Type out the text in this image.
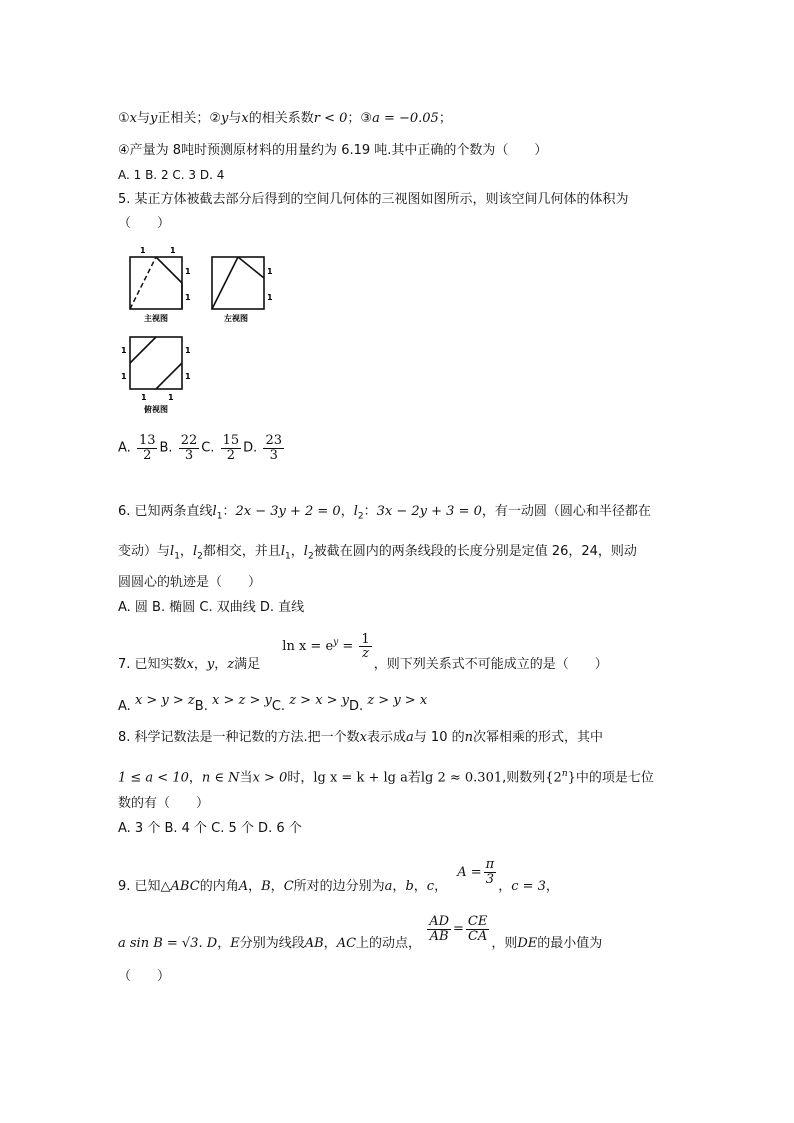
①x与y正相关；②y与x的相关系数r < 0；③a = −0.05；
④产量为 8吨时预测原材料的用量约为 6.19 吨.其中正确的个数为（　　）
A. 1 B. 2 C. 3 D. 4
5. 某正方体被截去部分后得到的空间几何体的三视图如图所示，则该空间几何体的体积为
（　　）
1	1
1
1
主视图
1
1
左视图
1
1
1
1
1	1
俯视图
A. $\frac{13}{2} B$. $\frac{22}{3} C$. $\frac{15}{2} D$. $\frac{23}{3}$
6. 已知两条直线$l_1$：2x − 3y + 2 = 0，$l_2$：3x − 2y + 3 = 0，有一动圆（圆心和半径都在
变动）与$l_1$，$l_2$都相交，并且$l_1$，$l_2$被截在圆内的两条线段的长度分别是定值 26，24，则动
圆圆心的轨迹是（　　）
A. 圆 B. 椭圆 C. 双曲线 D. 直线
7. 已知实数x，y，z满足 $\ln x = e^y = \frac{1}{z}$
，则下列关系式不可能成立的是（　　）
A. x > y > zB. x > z > yC. z > x > yD. z > y > x
8. 科学记数法是一种记数的方法.把一个数x表示成a与 10 的n次幂相乘的形式，其中
1 ≤ a < 10，n ∈ N当x > 0时，lg x = k + lg a若lg 2 ≈ 0.301,则数列{2$^n$}中的项是七位
数的有（　　）
A. 3 个 B. 4 个 C. 5 个 D. 6 个
9. 已知△ABC的内角A，B，C所对的边分别为a，b，c， $A = \frac{\pi}{3}$ ，c = 3，
a sin B = √3. D，E分别为线段AB，AC上的动点， $\frac{AD}{AB} = \frac{CE}{CA}$ ，则DE的最小值为
（　　）
